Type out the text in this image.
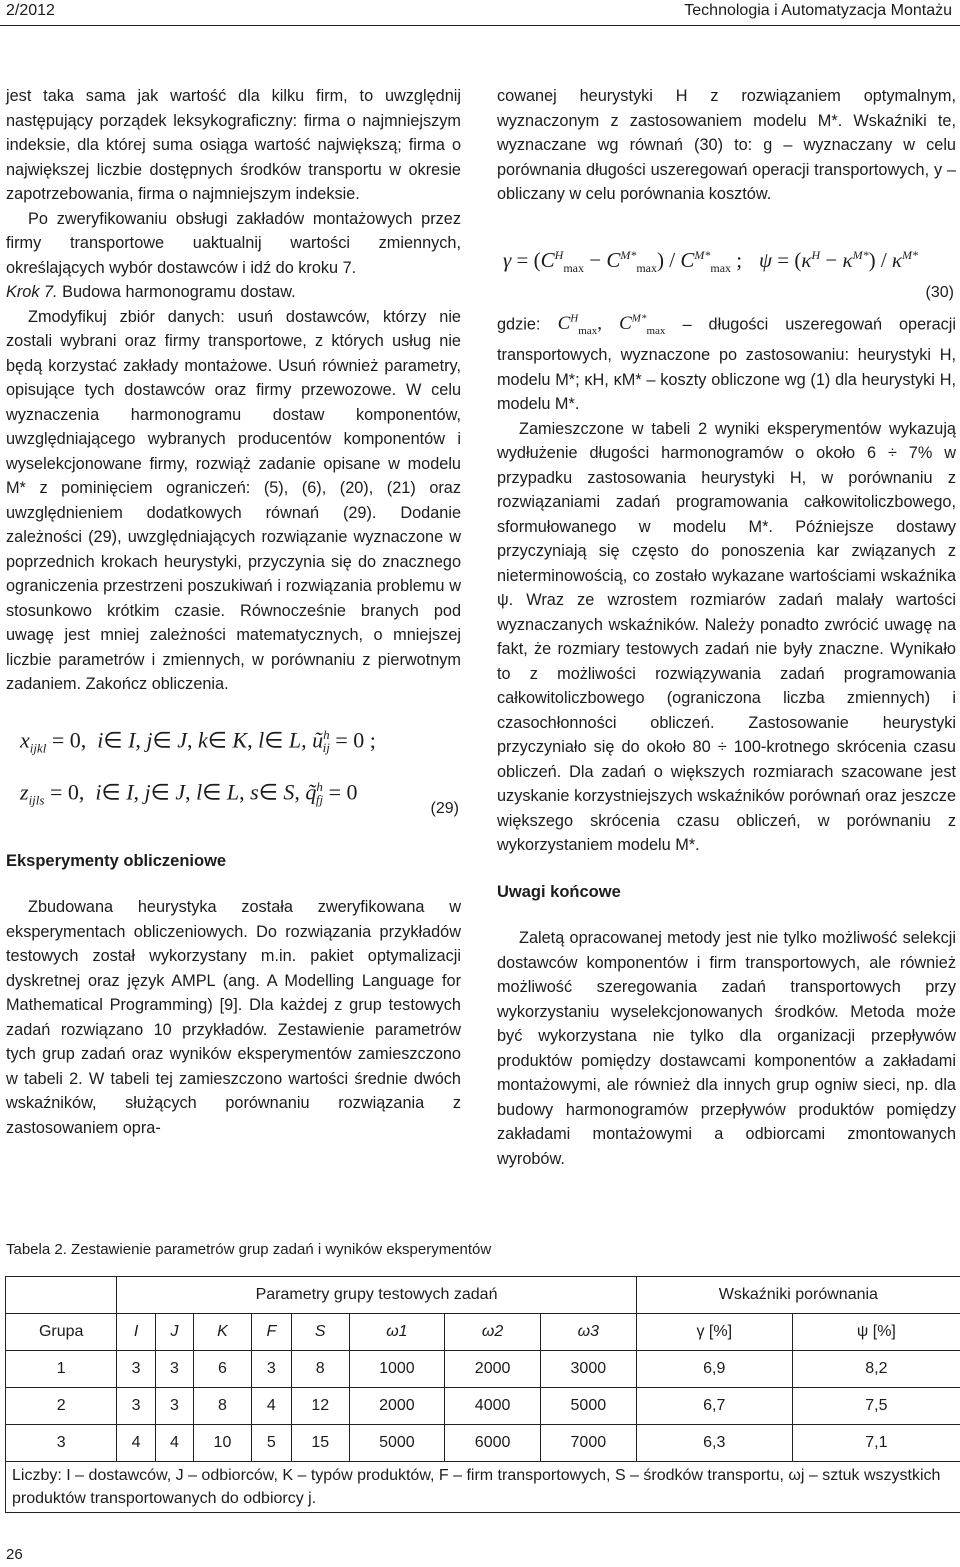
2/2012	Technologia i Automatyzacja Montażu

jest taka sama jak wartość dla kilku firm, to uwzględnij następujący porządek leksykograficzny: firma o najmniejszym indeksie, dla której suma osiąga wartość największą; firma o największej liczbie dostępnych środków transportu w okresie zapotrzebowania, firma o najmniejszym indeksie.

Po zweryfikowaniu obsługi zakładów montażowych przez firmy transportowe uaktualnij wartości zmiennych, określających wybór dostawców i idź do kroku 7.

Krok 7. Budowa harmonogramu dostaw.

Zmodyfikuj zbiór danych: usuń dostawców, którzy nie zostali wybrani oraz firmy transportowe, z których usług nie będą korzystać zakłady montażowe. Usuń również parametry, opisujące tych dostawców oraz firmy przewozowe. W celu wyznaczenia harmonogramu dostaw komponentów, uwzględniającego wybranych producentów komponentów i wyselekcjonowane firmy, rozwiąż zadanie opisane w modelu M* z pominięciem ograniczeń: (5), (6), (20), (21) oraz uwzględnieniem dodatkowych równań (29). Dodanie zależności (29), uwzględniających rozwiązanie wyznaczone w poprzednich krokach heurystyki, przyczynia się do znacznego ograniczenia przestrzeni poszukiwań i rozwiązania problemu w stosunkowo krótkim czasie. Równocześnie branych pod uwagę jest mniej zależności matematycznych, o mniejszej liczbie parametrów i zmiennych, w porównaniu z pierwotnym zadaniem. Zakończ obliczenia.

$x_{ijkl} = 0$,  i∈ I, j∈ J, k∈ K, l∈ L, $ũ^h_{ij} = 0$ ;
$z_{ijls} = 0$,  i∈ I, j∈ J, l∈ L, s∈ S, q̃$^h_{fj}$ = 0
(29)
Eksperymenty obliczeniowe

Zbudowana heurystyka została zweryfikowana w eksperymentach obliczeniowych. Do rozwiązania przykładów testowych został wykorzystany m.in. pakiet optymalizacji dyskretnej oraz język AMPL (ang. A Modelling Language for Mathematical Programming) [9]. Dla każdej z grup testowych zadań rozwiązano 10 przykładów. Zestawienie parametrów tych grup zadań oraz wyników eksperymentów zamieszczono w tabeli 2. W tabeli tej zamieszczono wartości średnie dwóch wskaźników, służących porównaniu rozwiązania z zastosowaniem opra-

cowanej heurystyki H z rozwiązaniem optymalnym, wyznaczonym z zastosowaniem modelu M*. Wskaźniki te, wyznaczane wg równań (30) to: g – wyznaczany w celu porównania długości uszeregowań operacji transportowych, y – obliczany w celu porównania kosztów.

$\gamma = (C^H_{max} - C^{M*}_{max}) / C^{M*}_{max}$ ; $\psi = (\kappa^H - \kappa^{M*}) / \kappa^{M*}$
(30)

gdzie: $C^H_{max}$, $C^{M*}_{max}$ – długości uszeregowań operacji transportowych, wyznaczone po zastosowaniu: heurystyki H, modelu M*; κH, κM* – koszty obliczone wg (1) dla heurystyki H, modelu M*.

Zamieszczone w tabeli 2 wyniki eksperymentów wykazują wydłużenie długości harmonogramów o około 6 ÷ 7% w przypadku zastosowania heurystyki H, w porównaniu z rozwiązaniami zadań programowania całkowitoliczbowego, sformułowanego w modelu M*. Późniejsze dostawy przyczyniają się często do ponoszenia kar związanych z nieterminowością, co zostało wykazane wartościami wskaźnika ψ. Wraz ze wzrostem rozmiarów zadań malały wartości wyznaczanych wskaźników. Należy ponadto zwrócić uwagę na fakt, że rozmiary testowych zadań nie były znaczne. Wynikało to z możliwości rozwiązywania zadań programowania całkowitoliczbowego (ograniczona liczba zmiennych) i czasochłonności obliczeń. Zastosowanie heurystyki przyczyniało się do około 80 ÷ 100-krotnego skrócenia czasu obliczeń. Dla zadań o większych rozmiarach szacowane jest uzyskanie korzystniejszych wskaźników porównań oraz jeszcze większego skrócenia czasu obliczeń, w porównaniu z wykorzystaniem modelu M*.

Uwagi końcowe

Zaletą opracowanej metody jest nie tylko możliwość selekcji dostawców komponentów i firm transportowych, ale również możliwość szeregowania zadań transportowych przy wykorzystaniu wyselekcjonowanych środków. Metoda może być wykorzystana nie tylko dla organizacji przepływów produktów pomiędzy dostawcami komponentów a zakładami montażowymi, ale również dla innych grup ogniw sieci, np. dla budowy harmonogramów przepływów produktów pomiędzy zakładami montażowymi a odbiorcami zmontowanych wyrobów.

Tabela 2. Zestawienie parametrów grup zadań i wyników eksperymentów
	Parametry grupy testowych zadań								Wskaźniki porównania	
Grupa	I	J	K	F	S	ω1	ω2	ω3	γ [%]	ψ [%]
1	3	3	6	3	8	1000	2000	3000	6,9	8,2
2	3	3	8	4	12	2000	4000	5000	6,7	7,5
3	4	4	10	5	15	5000	6000	7000	6,3	7,1
Liczby: I – dostawców, J – odbiorców, K – typów produktów, F – firm transportowych, S – środków transportu, ωj – sztuk wszystkich produktów transportowanych do odbiorcy j.										
26
